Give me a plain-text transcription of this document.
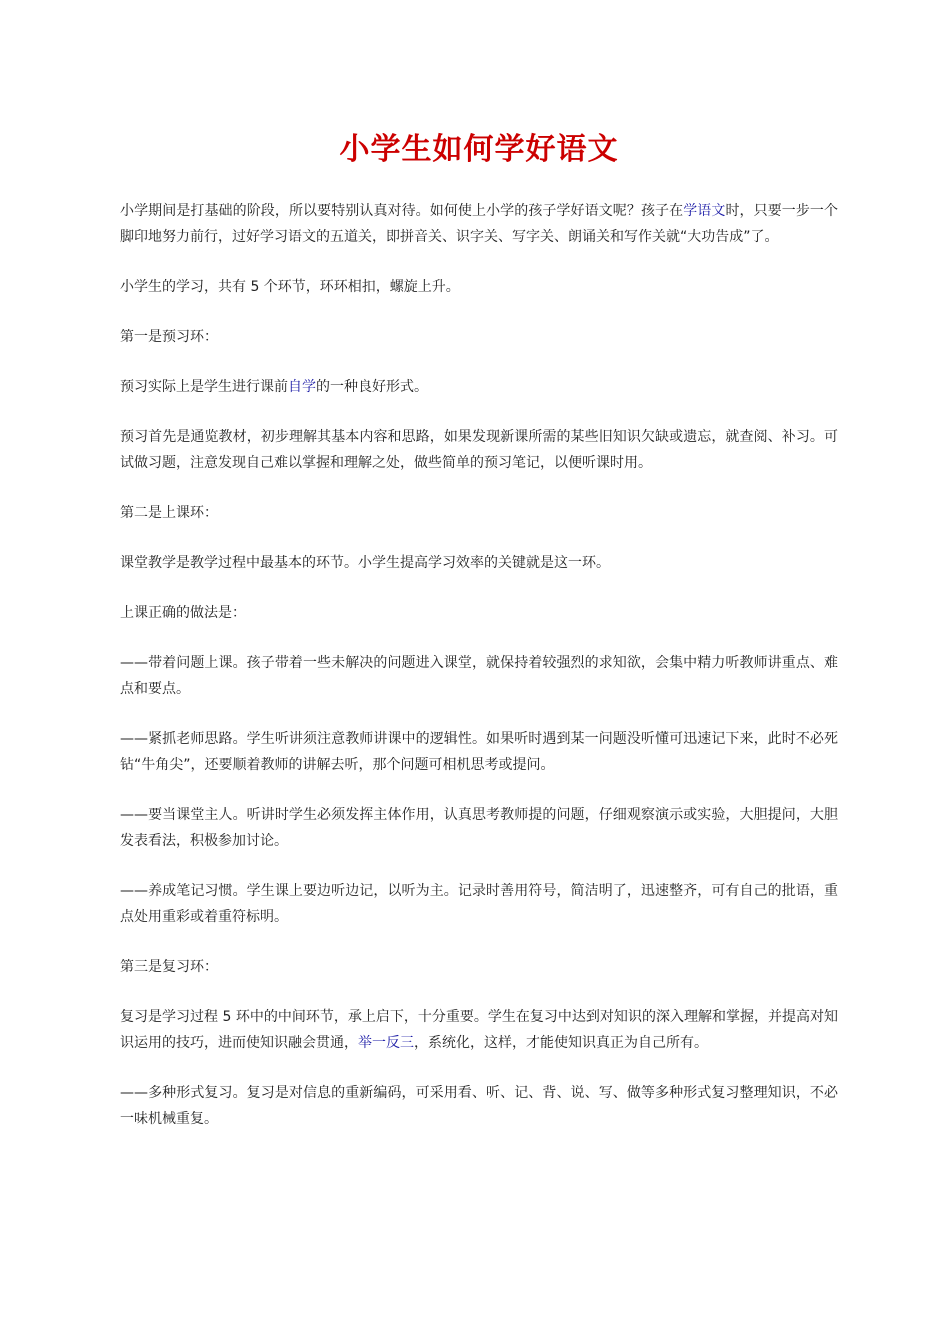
小学生如何学好语文

小学期间是打基础的阶段，所以要特别认真对待。如何使上小学的孩子学好语文呢？孩子在学语文时，只要一步一个脚印地努力前行，过好学习语文的五道关，即拼音关、识字关、写字关、朗诵关和写作关就“大功告成”了。

小学生的学习，共有 5 个环节，环环相扣，螺旋上升。

第一是预习环：

预习实际上是学生进行课前自学的一种良好形式。

预习首先是通览教材，初步理解其基本内容和思路，如果发现新课所需的某些旧知识欠缺或遗忘，就查阅、补习。可试做习题，注意发现自己难以掌握和理解之处，做些简单的预习笔记，以便听课时用。

第二是上课环：

课堂教学是教学过程中最基本的环节。小学生提高学习效率的关键就是这一环。

上课正确的做法是：

——带着问题上课。孩子带着一些未解决的问题进入课堂，就保持着较强烈的求知欲，会集中精力听教师讲重点、难点和要点。

——紧抓老师思路。学生听讲须注意教师讲课中的逻辑性。如果听时遇到某一问题没听懂可迅速记下来，此时不必死钻“牛角尖”，还要顺着教师的讲解去听，那个问题可相机思考或提问。

——要当课堂主人。听讲时学生必须发挥主体作用，认真思考教师提的问题，仔细观察演示或实验，大胆提问，大胆发表看法，积极参加讨论。

——养成笔记习惯。学生课上要边听边记，以听为主。记录时善用符号，简洁明了，迅速整齐，可有自己的批语，重点处用重彩或着重符标明。

第三是复习环：

复习是学习过程 5 环中的中间环节，承上启下，十分重要。学生在复习中达到对知识的深入理解和掌握，并提高对知识运用的技巧，进而使知识融会贯通，举一反三，系统化，这样，才能使知识真正为自己所有。

——多种形式复习。复习是对信息的重新编码，可采用看、听、记、背、说、写、做等多种形式复习整理知识，不必一味机械重复。
